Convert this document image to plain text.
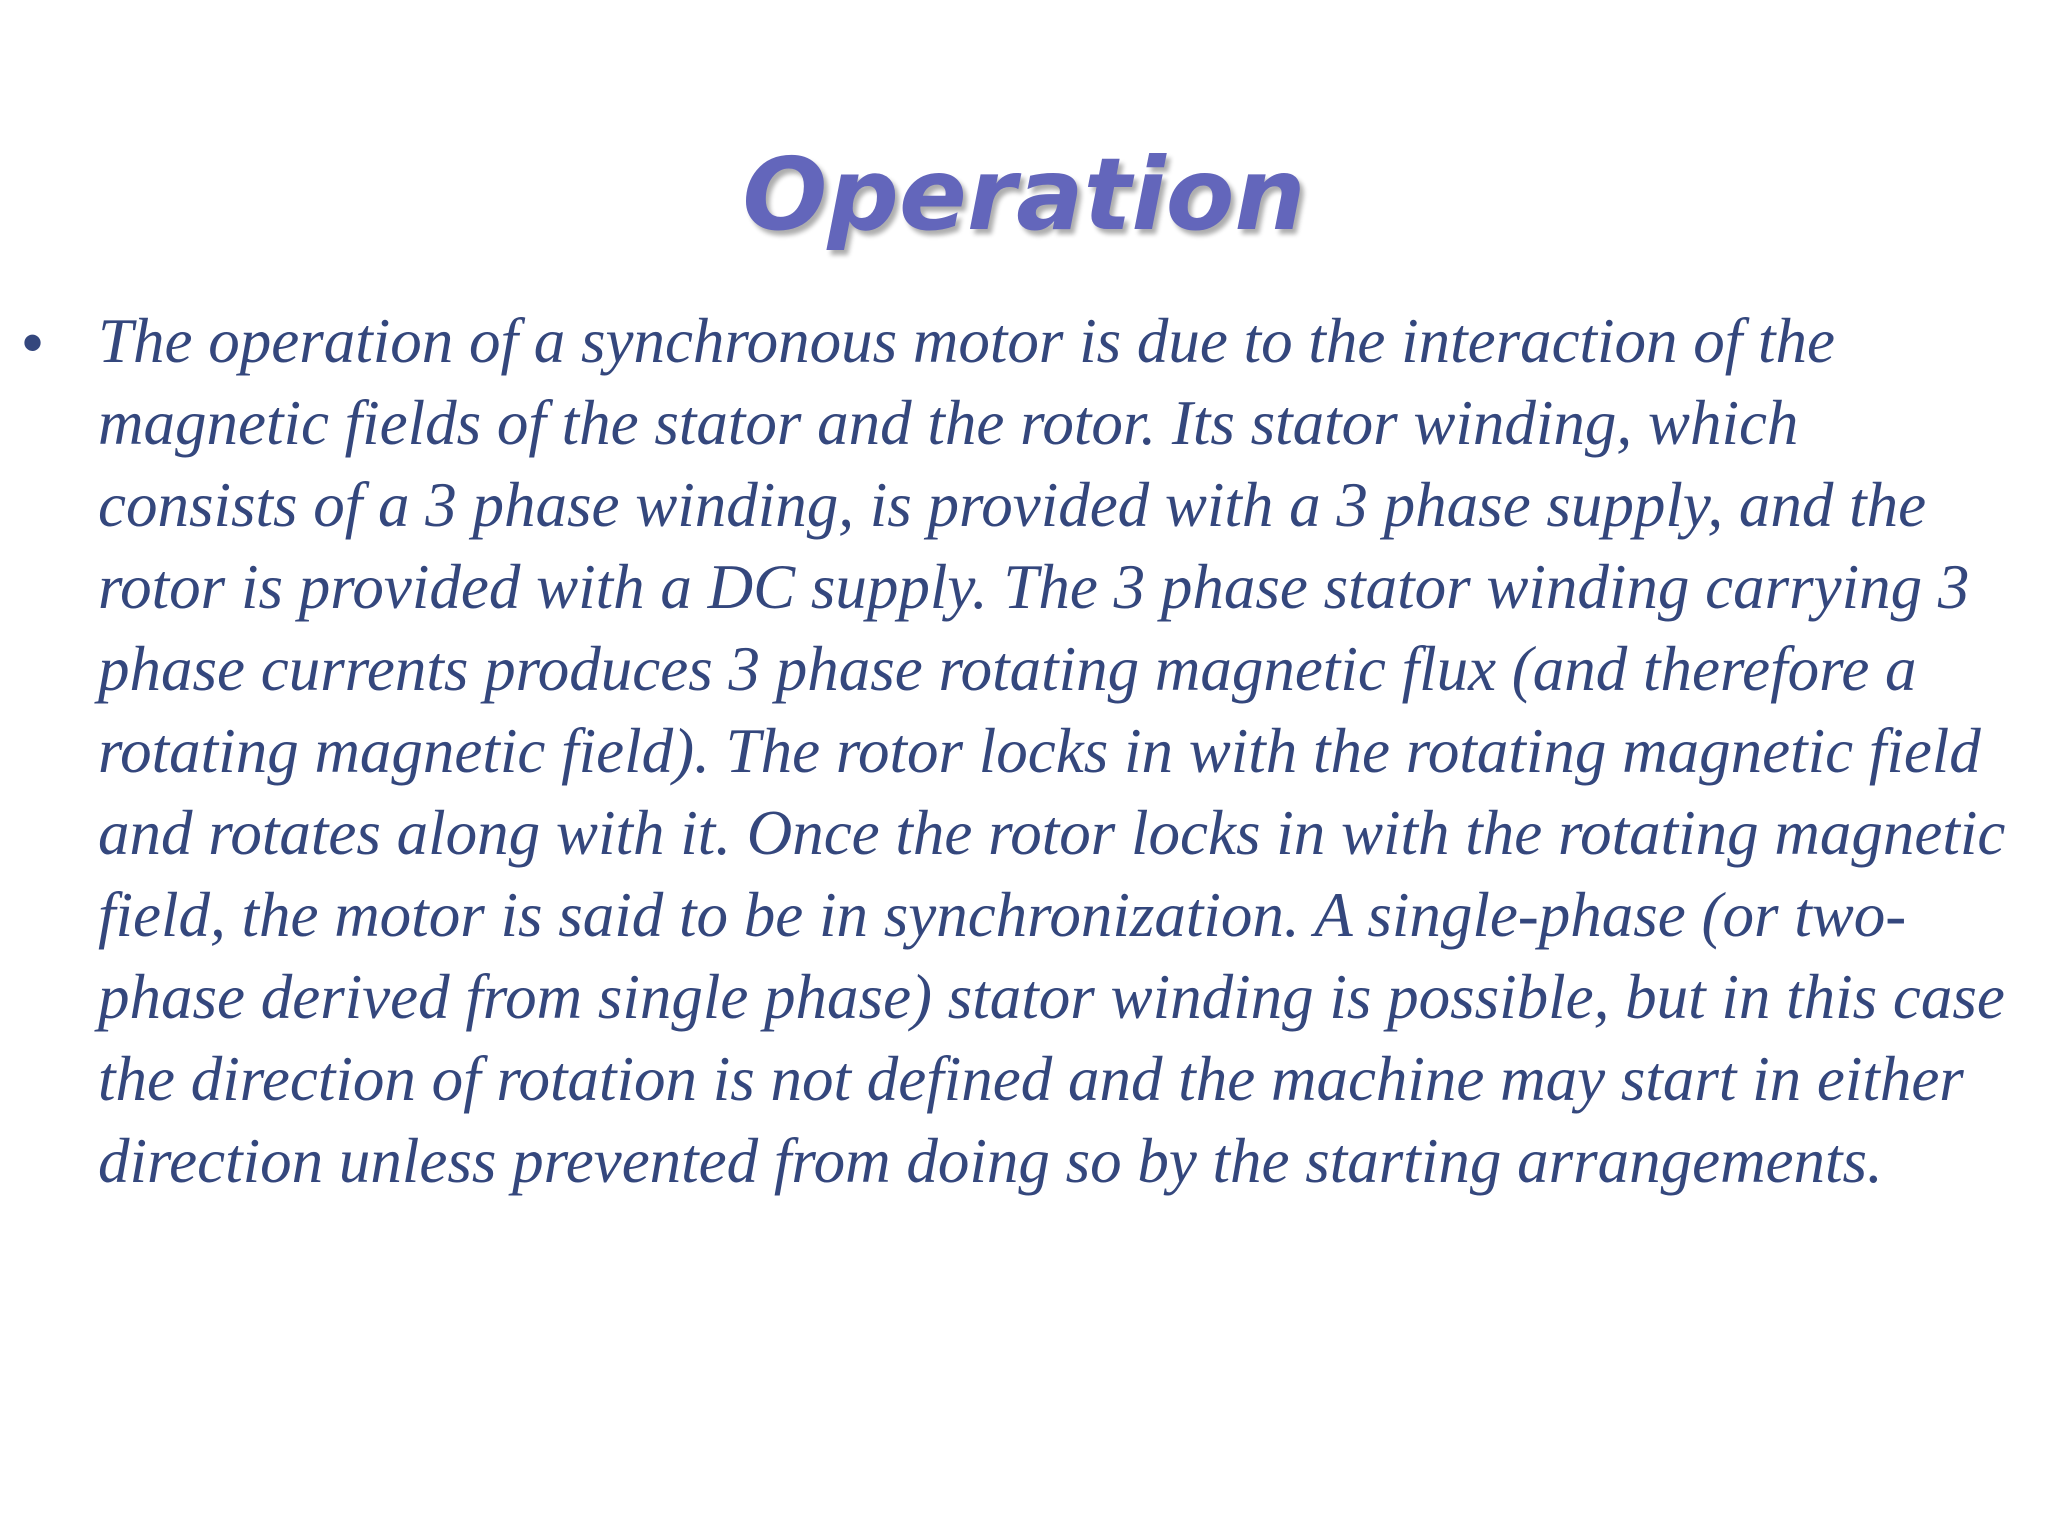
Operation
• The operation of a synchronous motor is due to the interaction of the magnetic fields of the stator and the rotor. Its stator winding, which consists of a 3 phase winding, is provided with a 3 phase supply, and the rotor is provided with a DC supply. The 3 phase stator winding carrying 3 phase currents produces 3 phase rotating magnetic flux (and therefore a rotating magnetic field). The rotor locks in with the rotating magnetic field and rotates along with it. Once the rotor locks in with the rotating magnetic field, the motor is said to be in synchronization. A single-phase (or two-phase derived from single phase) stator winding is possible, but in this case the direction of rotation is not defined and the machine may start in either direction unless prevented from doing so by the starting arrangements.
